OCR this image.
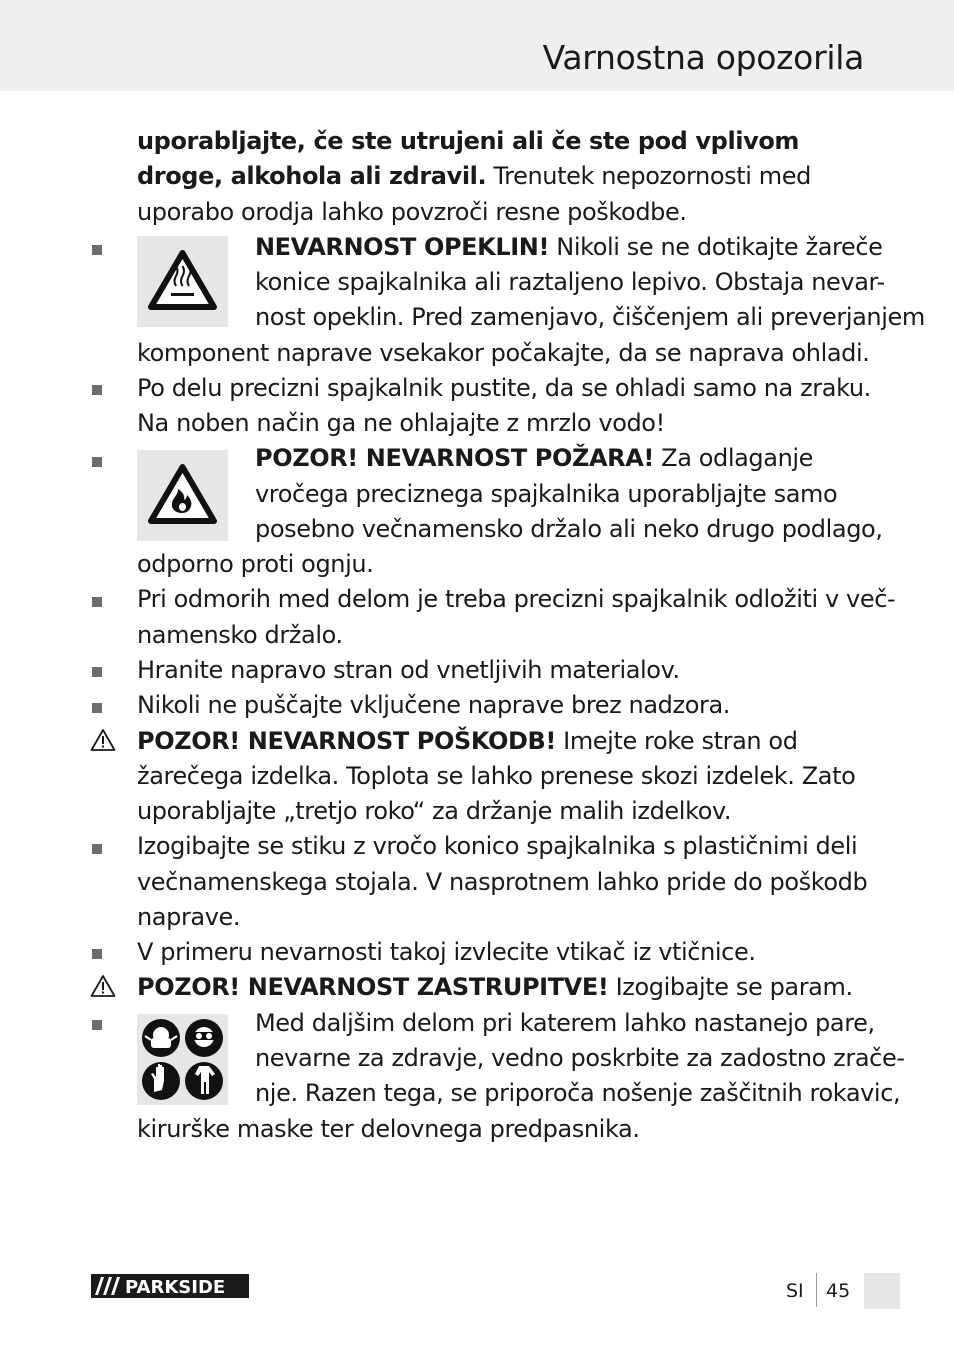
Varnostna opozorila
uporabljajte, če ste utrujeni ali če ste pod vplivom
droge, alkohola ali zdravil. Trenutek nepozornosti med
uporabo orodja lahko povzroči resne poškodbe.
NEVARNOST OPEKLIN! Nikoli se ne dotikajte žareče
konice spajkalnika ali raztaljeno lepivo. Obstaja nevar-
nost opeklin. Pred zamenjavo, čiščenjem ali preverjanjem
komponent naprave vsekakor počakajte, da se naprava ohladi.
Po delu precizni spajkalnik pustite, da se ohladi samo na zraku.
Na noben način ga ne ohlajajte z mrzlo vodo!
POZOR! NEVARNOST POŽARA! Za odlaganje
vročega preciznega spajkalnika uporabljajte samo
posebno večnamensko držalo ali neko drugo podlago,
odporno proti ognju.
Pri odmorih med delom je treba precizni spajkalnik odložiti v več-
namensko držalo.
Hranite napravo stran od vnetljivih materialov.
Nikoli ne puščajte vključene naprave brez nadzora.
POZOR! NEVARNOST POŠKODB! Imejte roke stran od
žarečega izdelka. Toplota se lahko prenese skozi izdelek. Zato
uporabljajte „tretjo roko“ za držanje malih izdelkov.
Izogibajte se stiku z vročo konico spajkalnika s plastičnimi deli
večnamenskega stojala. V nasprotnem lahko pride do poškodb
naprave.
V primeru nevarnosti takoj izvlecite vtikač iz vtičnice.
POZOR! NEVARNOST ZASTRUPITVE! Izogibajte se param.
Med daljšim delom pri katerem lahko nastanejo pare,
nevarne za zdravje, vedno poskrbite za zadostno zrače-
nje. Razen tega, se priporoča nošenje zaščitnih rokavic,
kirurške maske ter delovnega predpasnika.
PARKSIDE	SI 45
